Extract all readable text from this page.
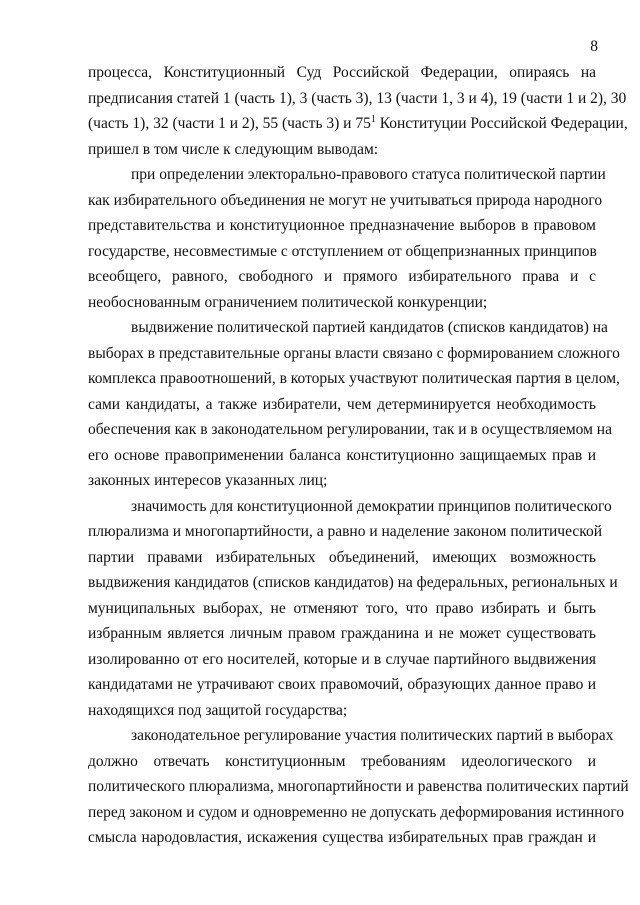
8
процесса, Конституционный Суд Российской Федерации, опираясь на
предписания статей 1 (часть 1), 3 (часть 3), 13 (части 1, 3 и 4), 19 (части 1 и 2), 30
(часть 1), 32 (части 1 и 2), 55 (часть 3) и $75^1$ Конституции Российской Федерации,
пришел в том числе к следующим выводам:
при определении электорально-правового статуса политической партии
как избирательного объединения не могут не учитываться природа народного
представительства и конституционное предназначение выборов в правовом
государстве, несовместимые с отступлением от общепризнанных принципов
всеобщего, равного, свободного и прямого избирательного права и с
необоснованным ограничением политической конкуренции;
выдвижение политической партией кандидатов (списков кандидатов) на
выборах в представительные органы власти связано с формированием сложного
комплекса правоотношений, в которых участвуют политическая партия в целом,
сами кандидаты, а также избиратели, чем детерминируется необходимость
обеспечения как в законодательном регулировании, так и в осуществляемом на
его основе правоприменении баланса конституционно защищаемых прав и
законных интересов указанных лиц;
значимость для конституционной демократии принципов политического
плюрализма и многопартийности, а равно и наделение законом политической
партии правами избирательных объединений, имеющих возможность
выдвижения кандидатов (списков кандидатов) на федеральных, региональных и
муниципальных выборах, не отменяют того, что право избирать и быть
избранным является личным правом гражданина и не может существовать
изолированно от его носителей, которые и в случае партийного выдвижения
кандидатами не утрачивают своих правомочий, образующих данное право и
находящихся под защитой государства;
законодательное регулирование участия политических партий в выборах
должно отвечать конституционным требованиям идеологического и
политического плюрализма, многопартийности и равенства политических партий
перед законом и судом и одновременно не допускать деформирования истинного
смысла народовластия, искажения существа избирательных прав граждан и
